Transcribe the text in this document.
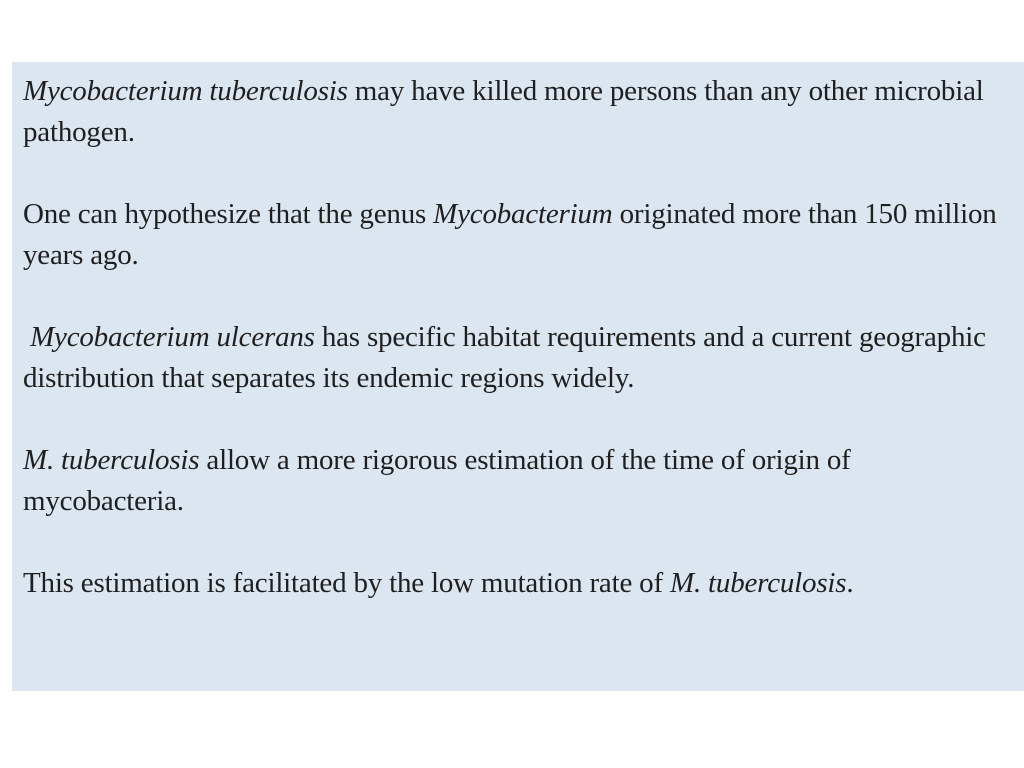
Mycobacterium tuberculosis may have killed more persons than any other microbial pathogen.

One can hypothesize that the genus Mycobacterium originated more than 150 million years ago.

Mycobacterium ulcerans has specific habitat requirements and a current geographic distribution that separates its endemic regions widely.

M. tuberculosis allow a more rigorous estimation of the time of origin of mycobacteria.

This estimation is facilitated by the low mutation rate of M. tuberculosis.
